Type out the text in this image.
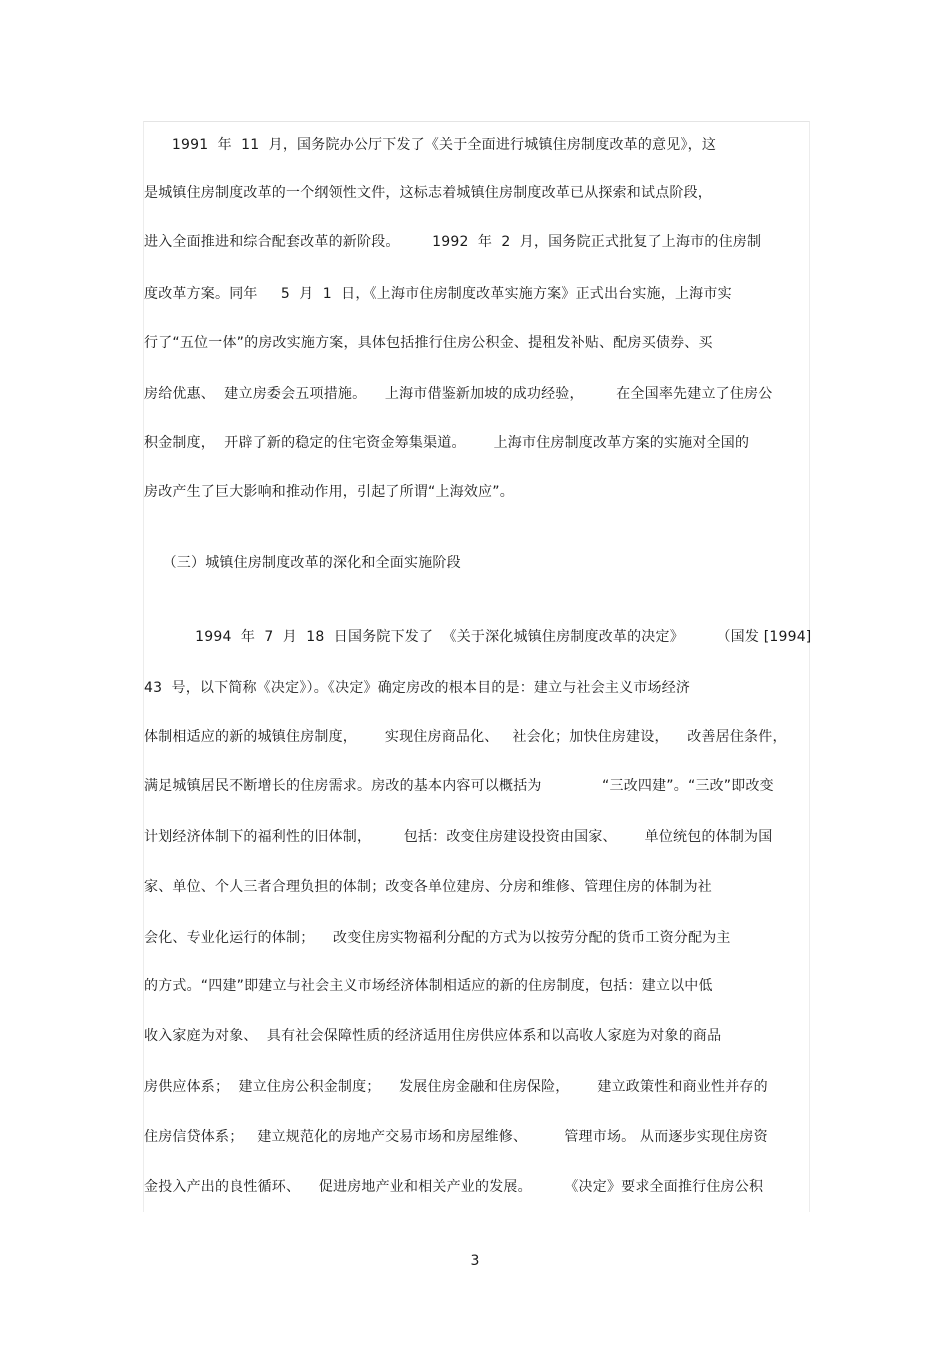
1991  年  11  月，国务院办公厅下发了《关于全面进行城镇住房制度改革的意见》，这
是城镇住房制度改革的一个纲领性文件，这标志着城镇住房制度改革已从探索和试点阶段，
进入全面推进和综合配套改革的新阶段。       1992  年  2  月，国务院正式批复了上海市的住房制
度改革方案。同年     5  月  1  日，《上海市住房制度改革实施方案》正式出台实施，上海市实
行了“五位一体”的房改实施方案，具体包括推行住房公积金、提租发补贴、配房买债券、买
房给优惠、  建立房委会五项措施。    上海市借鉴新加坡的成功经验，       在全国率先建立了住房公
积金制度，  开辟了新的稳定的住宅资金筹集渠道。      上海市住房制度改革方案的实施对全国的
房改产生了巨大影响和推动作用，引起了所谓“上海效应”。
（三）城镇住房制度改革的深化和全面实施阶段
1994  年  7  月  18  日国务院下发了  《关于深化城镇住房制度改革的决定》       （国发 [1994]
43  号，以下简称《决定》）。《决定》确定房改的根本目的是：建立与社会主义市场经济
体制相适应的新的城镇住房制度，      实现住房商品化、   社会化；加快住房建设，    改善居住条件，
满足城镇居民不断增长的住房需求。房改的基本内容可以概括为             “三改四建”。“三改”即改变
计划经济体制下的福利性的旧体制，       包括：改变住房建设投资由国家、      单位统包的体制为国
家、单位、个人三者合理负担的体制；改变各单位建房、分房和维修、管理住房的体制为社
会化、专业化运行的体制；    改变住房实物福利分配的方式为以按劳分配的货币工资分配为主
的方式。“四建”即建立与社会主义市场经济体制相适应的新的住房制度，包括：建立以中低
收入家庭为对象、  具有社会保障性质的经济适用住房供应体系和以高收人家庭为对象的商品
房供应体系；  建立住房公积金制度；    发展住房金融和住房保险，      建立政策性和商业性并存的
住房信贷体系；   建立规范化的房地产交易市场和房屋维修、        管理市场。 从而逐步实现住房资
金投入产出的良性循环、    促进房地产业和相关产业的发展。       《决定》要求全面推行住房公积
3
